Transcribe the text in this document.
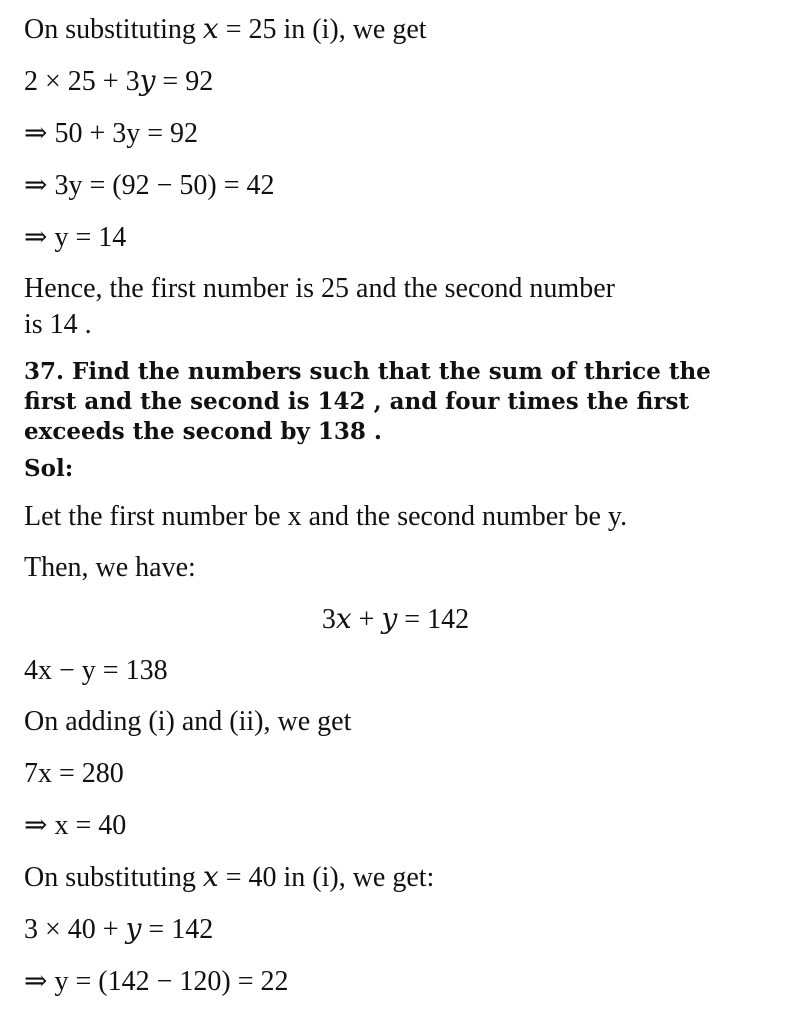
On substituting 𝑥 = 25 in (i), we get
2 × 25 + 3𝑦 = 92
⇒ 50 + 3y = 92
⇒ 3y = (92 − 50) = 42
⇒ y = 14
Hence, the first number is 25 and the second number
is 14 .
37. Find the numbers such that the sum of thrice the
first and the second is 142 , and four times the first
exceeds the second by 138 .
Sol:
Let the first number be x and the second number be y.
Then, we have:
3𝑥 + 𝑦 = 142
4x − y = 138
On adding (i) and (ii), we get
7x = 280
⇒ x = 40
On substituting 𝑥 = 40 in (i), we get:
3 × 40 + 𝑦 = 142
⇒ y = (142 − 120) = 22
